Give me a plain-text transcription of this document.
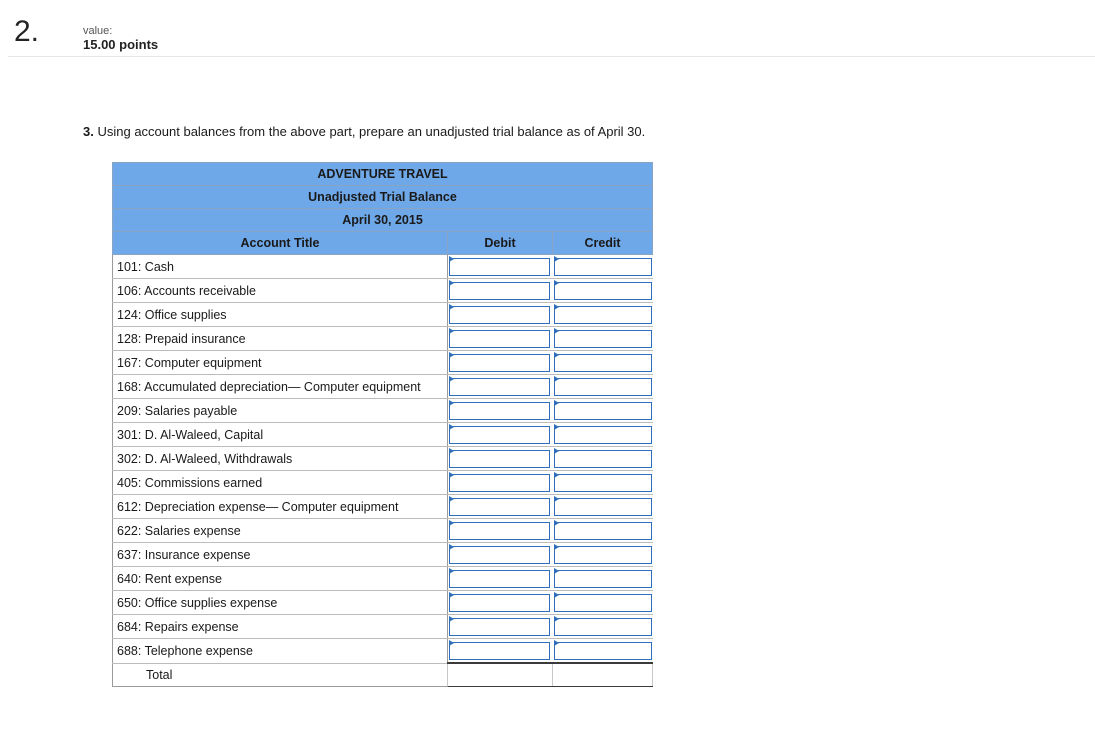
2.	value:
15.00 points
3. Using account balances from the above part, prepare an unadjusted trial balance as of April 30.
ADVENTURE TRAVEL		
Unadjusted Trial Balance		
April 30, 2015		
Account Title	Debit	Credit
101: Cash	

106: Accounts receivable	

124: Office supplies	

128: Prepaid insurance	

167: Computer equipment	

168: Accumulated depreciation— Computer equipment	

209: Salaries payable	

301: D. Al-Waleed, Capital	

302: D. Al-Waleed, Withdrawals	

405: Commissions earned	

612: Depreciation expense— Computer equipment	

622: Salaries expense	

637: Insurance expense	

640: Rent expense	

650: Office supplies expense	

684: Repairs expense	

688: Telephone expense	

Total		
